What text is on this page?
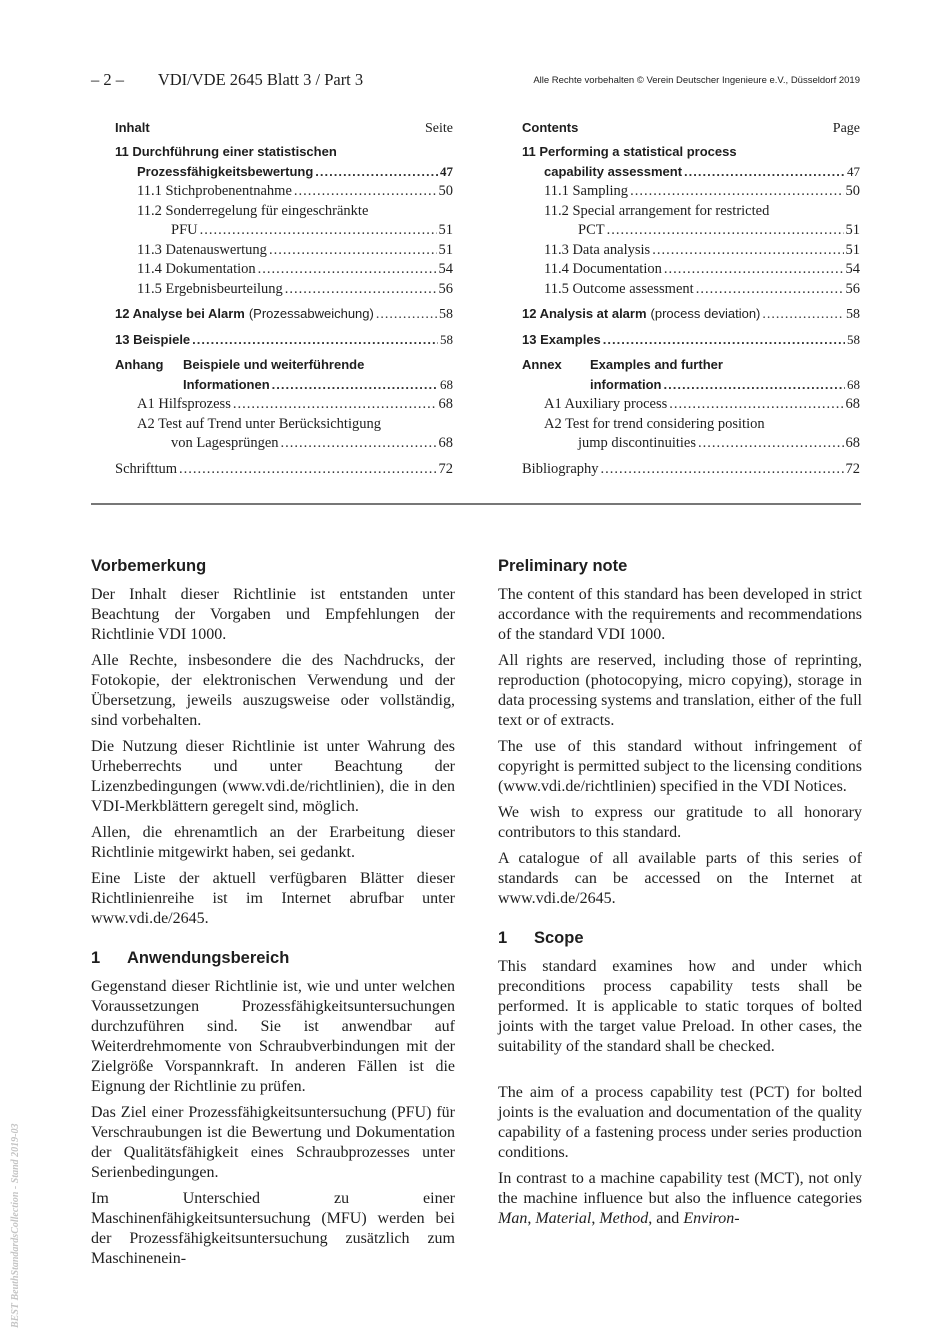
– 2 – VDI/VDE 2645 Blatt 3 / Part 3	Alle Rechte vorbehalten © Verein Deutscher Ingenieure e.V., Düsseldorf 2019
Inhalt	Seite
11 Durchführung einer statistischen
Prozessfähigkeitsbewertung .....	47
11.1 Stichprobenentnahme .....	50
11.2 Sonderregelung für eingeschränkte
PFU .....	51
11.3 Datenauswertung .....	51
11.4 Dokumentation .....	54
11.5 Ergebnisbeurteilung .....	56
12 Analyse bei Alarm (Prozessabweichung) .....	58
13 Beispiele .....	58
Anhang	Beispiele und weiterführende
Informationen .....	68
A1 Hilfsprozess .....	68
A2 Test auf Trend unter Berücksichtigung
von Lagesprüngen .....	68
Schrifttum .....	72
Contents	Page
11 Performing a statistical process
capability assessment .....	47
11.1 Sampling .....	50
11.2 Special arrangement for restricted
PCT .....	51
11.3 Data analysis .....	51
11.4 Documentation .....	54
11.5 Outcome assessment .....	56
12 Analysis at alarm (process deviation) .....	58
13 Examples .....	58
Annex	Examples and further
information .....	68
A1 Auxiliary process .....	68
A2 Test for trend considering position
jump discontinuities .....	68
Bibliography .....	72
Vorbemerkung

Der Inhalt dieser Richtlinie ist entstanden unter Beachtung der Vorgaben und Empfehlungen der Richtlinie VDI 1000.

Alle Rechte, insbesondere die des Nachdrucks, der Fotokopie, der elektronischen Verwendung und der Übersetzung, jeweils auszugsweise oder vollständig, sind vorbehalten.

Die Nutzung dieser Richtlinie ist unter Wahrung des Urheberrechts und unter Beachtung der Lizenzbedingungen (www.vdi.de/richtlinien), die in den VDI-Merkblättern geregelt sind, möglich.

Allen, die ehrenamtlich an der Erarbeitung dieser Richtlinie mitgewirkt haben, sei gedankt.

Eine Liste der aktuell verfügbaren Blätter dieser Richtlinienreihe ist im Internet abrufbar unter www.vdi.de/2645.

1 Anwendungsbereich

Gegenstand dieser Richtlinie ist, wie und unter welchen Voraussetzungen Prozessfähigkeitsuntersuchungen durchzuführen sind. Sie ist anwendbar auf Weiterdrehmomente von Schraubverbindungen mit der Zielgröße Vorspannkraft. In anderen Fällen ist die Eignung der Richtlinie zu prüfen.

Das Ziel einer Prozessfähigkeitsuntersuchung (PFU) für Verschraubungen ist die Bewertung und Dokumentation der Qualitätsfähigkeit eines Schraubprozesses unter Serienbedingungen.

Im Unterschied zu einer Maschinenfähigkeitsuntersuchung (MFU) werden bei der Prozessfähigkeitsuntersuchung zusätzlich zum Maschinenein-

Preliminary note

The content of this standard has been developed in strict accordance with the requirements and recommendations of the standard VDI 1000.

All rights are reserved, including those of reprinting, reproduction (photocopying, micro copying), storage in data processing systems and translation, either of the full text or of extracts.

The use of this standard without infringement of copyright is permitted subject to the licensing conditions (www.vdi.de/richtlinien) specified in the VDI Notices.

We wish to express our gratitude to all honorary contributors to this standard.

A catalogue of all available parts of this series of standards can be accessed on the Internet at www.vdi.de/2645.

1 Scope

This standard examines how and under which preconditions process capability tests shall be performed. It is applicable to static torques of bolted joints with the target value Preload. In other cases, the suitability of the standard shall be checked.

The aim of a process capability test (PCT) for bolted joints is the evaluation and documentation of the quality capability of a fastening process under series production conditions.

In contrast to a machine capability test (MCT), not only the machine influence but also the influence categories Man, Material, Method, and Environ-

BEST BeuthStandardsCollection - Stand 2019-03
